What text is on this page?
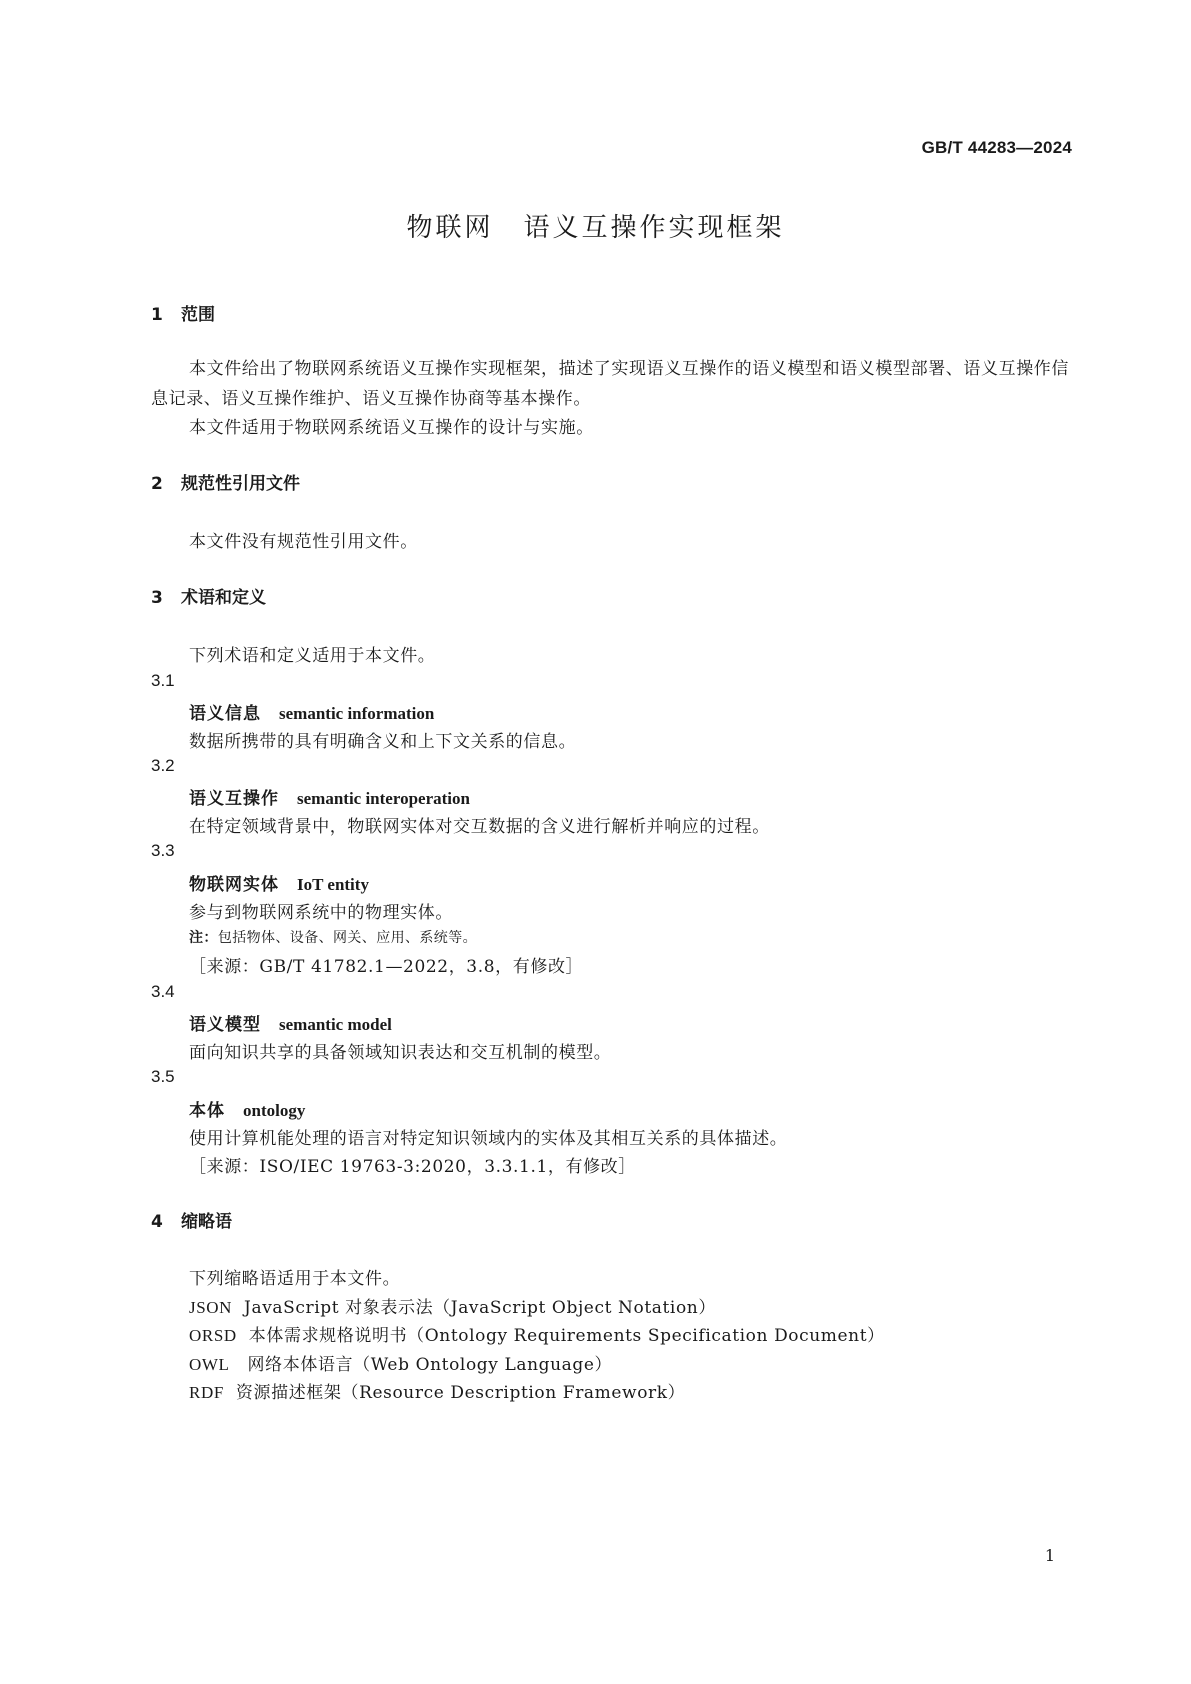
GB/T 44283—2024
物联网 语义互操作实现框架
1 范围
本文件给出了物联网系统语义互操作实现框架，描述了实现语义互操作的语义模型和语义模型部署、语义互操作信息记录、语义互操作维护、语义互操作协商等基本操作。
本文件适用于物联网系统语义互操作的设计与实施。
2 规范性引用文件
本文件没有规范性引用文件。
3 术语和定义
下列术语和定义适用于本文件。
3.1
语义信息 semantic information
数据所携带的具有明确含义和上下文关系的信息。
3.2
语义互操作 semantic interoperation
在特定领域背景中，物联网实体对交互数据的含义进行解析并响应的过程。
3.3
物联网实体 IoT entity
参与到物联网系统中的物理实体。
注：包括物体、设备、网关、应用、系统等。
［来源：GB/T 41782.1—2022，3.8，有修改］
3.4
语义模型 semantic model
面向知识共享的具备领域知识表达和交互机制的模型。
3.5
本体 ontology
使用计算机能处理的语言对特定知识领域内的实体及其相互关系的具体描述。
［来源：ISO/IEC 19763-3:2020，3.3.1.1，有修改］
4 缩略语
下列缩略语适用于本文件。
JSON JavaScript 对象表示法（JavaScript Object Notation）
ORSD 本体需求规格说明书（Ontology Requirements Specification Document）
OWL 网络本体语言（Web Ontology Language）
RDF 资源描述框架（Resource Description Framework）
1
